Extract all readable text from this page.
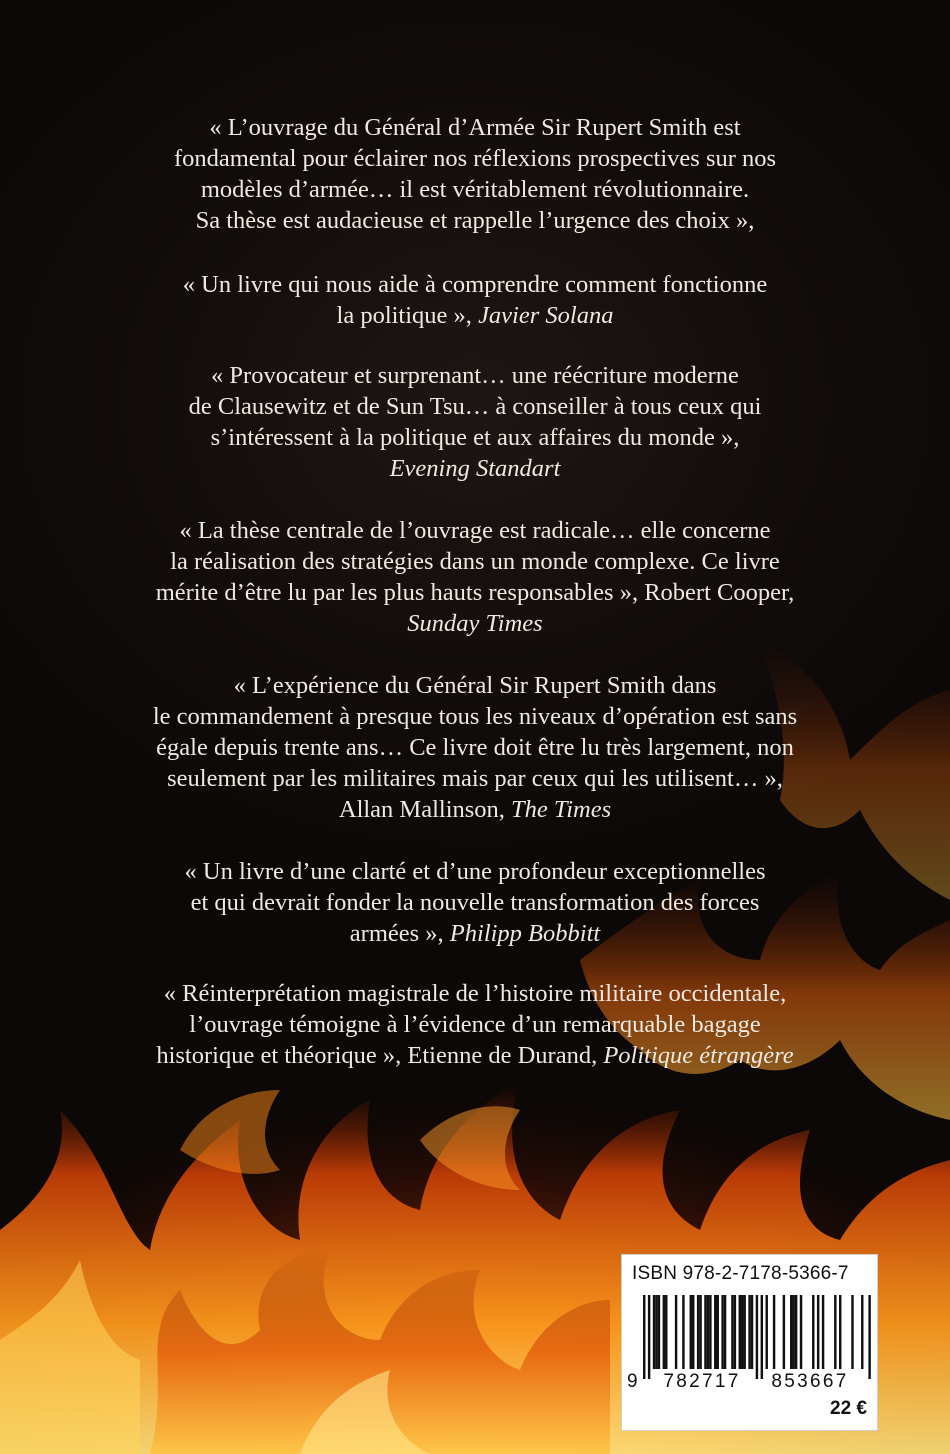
« L’ouvrage du Général d’Armée Sir Rupert Smith est
fondamental pour éclairer nos réflexions prospectives sur nos
modèles d’armée… il est véritablement révolutionnaire.
Sa thèse est audacieuse et rappelle l’urgence des choix »,
« Un livre qui nous aide à comprendre comment fonctionne
la politique », Javier Solana
« Provocateur et surprenant… une réécriture moderne
de Clausewitz et de Sun Tsu… à conseiller à tous ceux qui
s’intéressent à la politique et aux affaires du monde »,
Evening Standart
« La thèse centrale de l’ouvrage est radicale… elle concerne
la réalisation des stratégies dans un monde complexe. Ce livre
mérite d’être lu par les plus hauts responsables », Robert Cooper,
Sunday Times
« L’expérience du Général Sir Rupert Smith dans
le commandement à presque tous les niveaux d’opération est sans
égale depuis trente ans… Ce livre doit être lu très largement, non
seulement par les militaires mais par ceux qui les utilisent… »,
Allan Mallinson, The Times
« Un livre d’une clarté et d’une profondeur exceptionnelles
et qui devrait fonder la nouvelle transformation des forces
armées », Philipp Bobbitt
« Réinterprétation magistrale de l’histoire militaire occidentale,
l’ouvrage témoigne à l’évidence d’un remarquable bagage
historique et théorique », Etienne de Durand, Politique étrangère
ISBN 978-2-7178-5366-7
9 782717 853667
22 €
